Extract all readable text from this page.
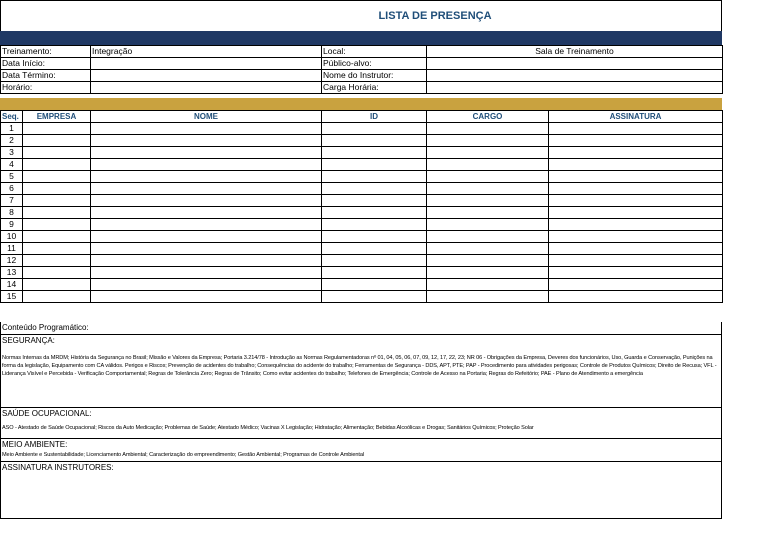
LISTA DE PRESENÇA
Treinamento:	Integração	Local:	Sala de Treinamento
Data Início:		Público-alvo:	
Data Término:		Nome do Instrutor:	
Horário:		Carga Horária:	
Seq.	EMPRESA	NOME	ID	CARGO	ASSINATURA
1					
2					
3					
4					
5					
6					
7					
8					
9					
10					
11					
12					
13					
14					
15					
Conteúdo Programático:
SEGURANÇA:
Normas Internas da MRDM; História da Segurança no Brasil; Missão e Valores da Empresa; Portaria 3.214/78 - Introdução as Normas Regulamentadoras nº 01, 04, 05, 06, 07, 09, 12, 17, 22, 23; NR 06 - Obrigações da Empresa, Deveres dos funcionários, Uso, Guarda e Conservação, Punições na forma da legislação, Equipamento com CA válidos. Perigos e Riscos; Prevenção de acidentes do trabalho; Consequências do acidente do trabalho; Ferramentas de Segurança - DDS, APT, PTE; PAP - Procedimento para atividades perigosas; Controle de Produtos Químicos; Direito de Recusa; VFL - Liderança Visível e Percebida - Verificação Comportamental; Regras de Tolerância Zero; Regras de Trânsito; Como evitar acidentes do trabalho; Telefones de Emergência; Controle de Acesso na Portaria; Regras do Refeitório; PAE - Plano de Atendimento a emergência
SAÚDE OCUPACIONAL:
ASO - Atestado de Saúde Ocupacional; Riscos da Auto Medicação; Problemas de Saúde; Atestado Médico; Vacinas X Legislação; Hidratação; Alimentação; Bebidas Alcoólicas e Drogas; Sanitários Químicos; Proteção Solar
MEIO AMBIENTE:
Meio Ambiente e Sustentabilidade; Licenciamento Ambiental; Caracterização do empreendimento; Gestão Ambiental; Programas de Controle Ambiental
ASSINATURA INSTRUTORES:
